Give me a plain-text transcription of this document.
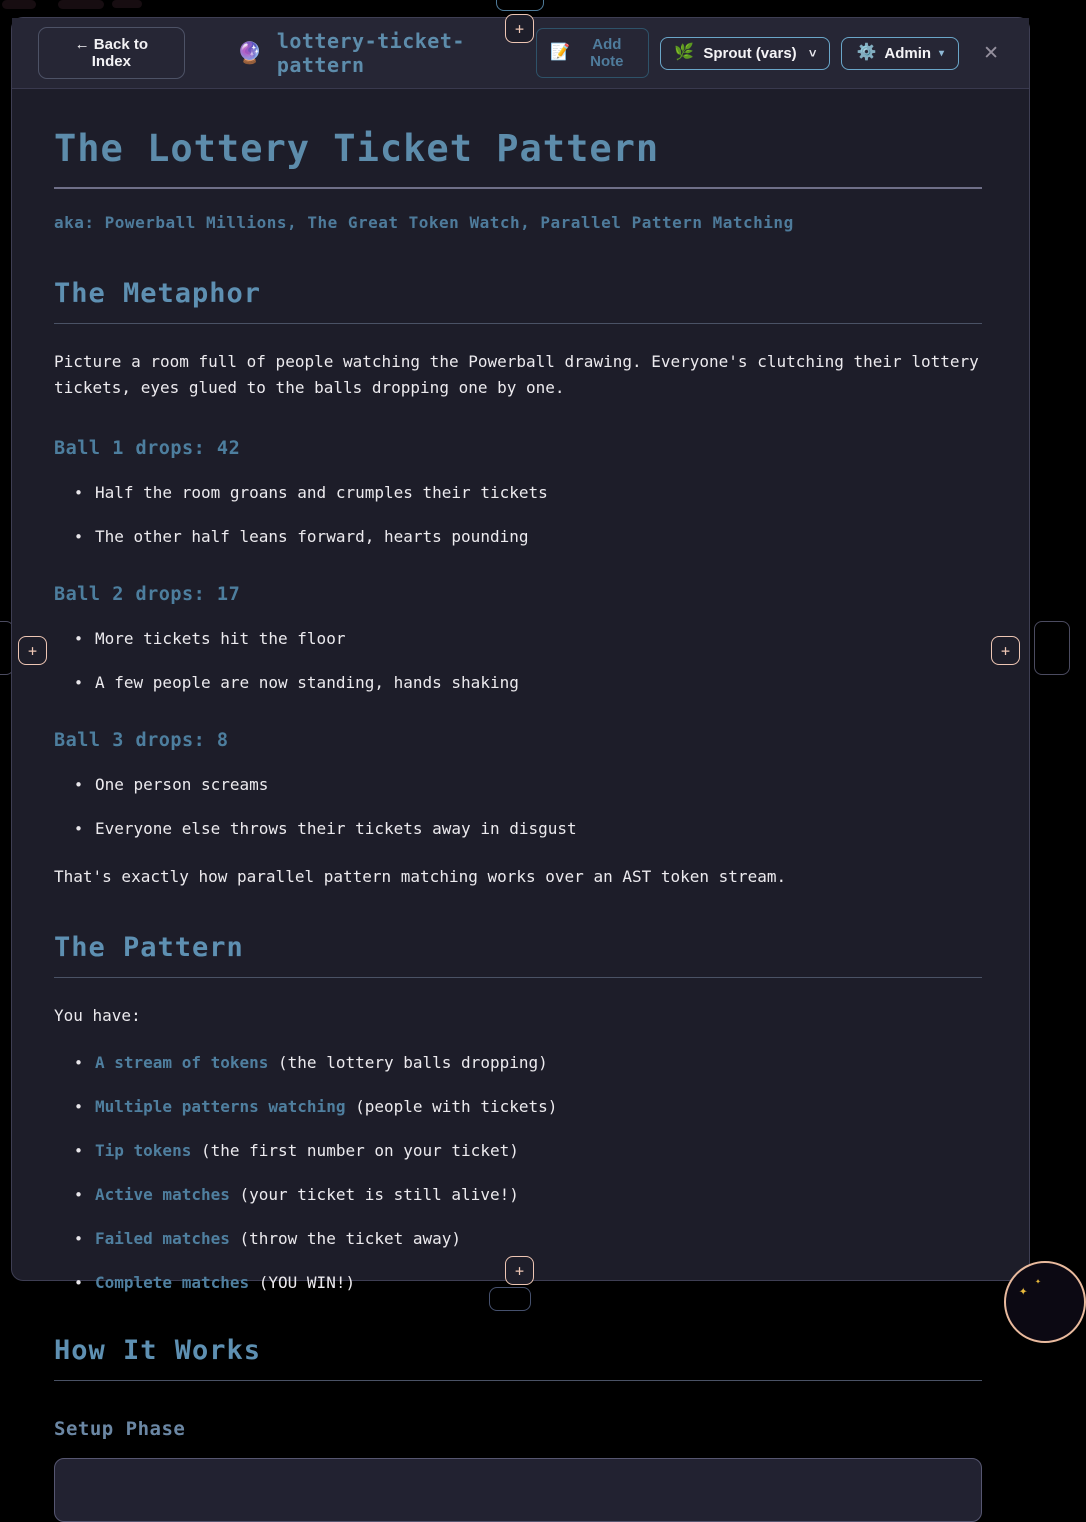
← Back to Index	🔮 lottery-ticket-pattern
📝	Add Note
🌿 Sprout (vars) ˅	⚙️ Admin ▾ ✕
The Lottery Ticket Pattern

aka: Powerball Millions, The Great Token Watch, Parallel Pattern Matching

The Metaphor

Picture a room full of people watching the Powerball drawing. Everyone's clutching their lottery tickets, eyes glued to the balls dropping one by one.

Ball 1 drops: 42
• Half the room groans and crumples their tickets
• The other half leans forward, hearts pounding
Ball 2 drops: 17
• More tickets hit the floor
• A few people are now standing, hands shaking
Ball 3 drops: 8
• One person screams
• Everyone else throws their tickets away in disgust

That's exactly how parallel pattern matching works over an AST token stream.

The Pattern

You have:

• A stream of tokens (the lottery balls dropping)
• Multiple patterns watching (people with tickets)
• Tip tokens (the first number on your ticket)
• Active matches (your ticket is still alive!)
• Failed matches (throw the ticket away)
• Complete matches (YOU WIN!)
How It Works
Setup Phase
+
+	+
+
✦
✦
